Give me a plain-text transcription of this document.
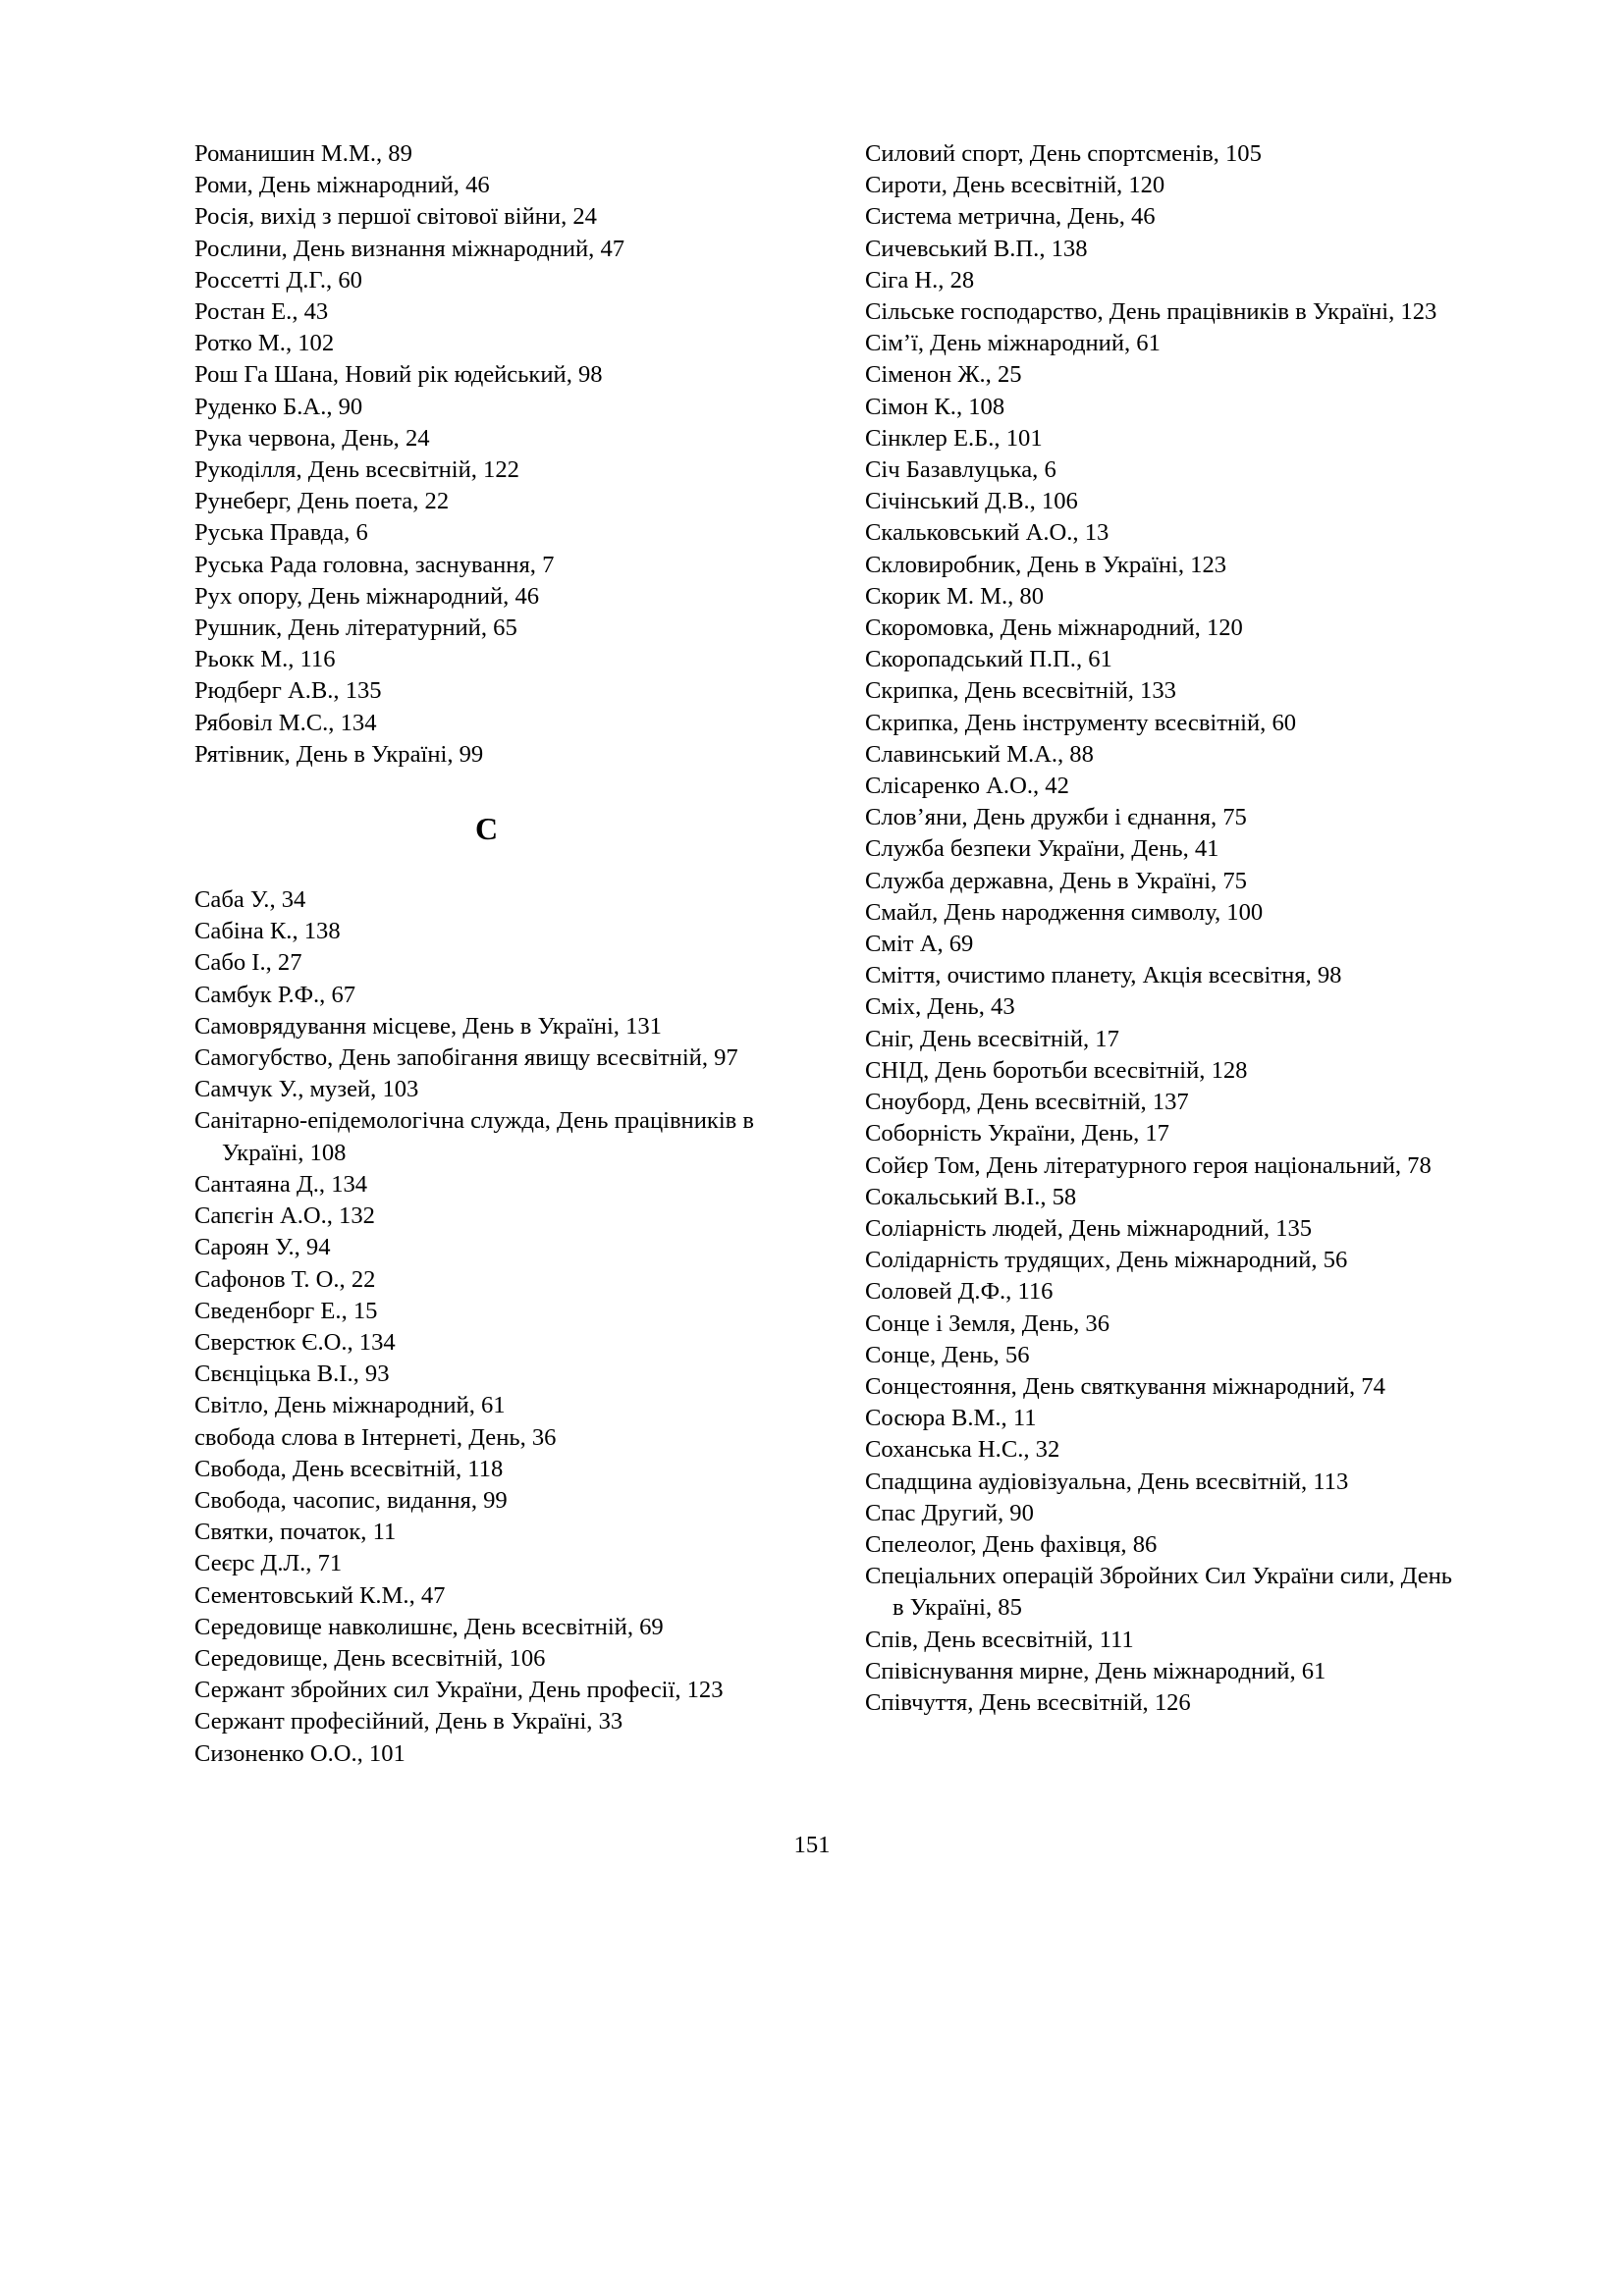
Романишин М.М., 89
Роми, День міжнародний, 46
Росія, вихід з першої світової війни, 24
Рослини, День визнання міжнародний, 47
Россетті Д.Г., 60
Ростан Е., 43
Ротко М., 102
Рош Га Шана, Новий рік юдейський, 98
Руденко Б.А., 90
Рука червона, День, 24
Рукоділля, День всесвітній, 122
Рунеберг, День поета, 22
Руська Правда, 6
Руська Рада головна, заснування, 7
Рух опору, День міжнародний, 46
Рушник, День літературний, 65
Рьокк М., 116
Рюдберг А.В., 135
Рябовіл М.С., 134
Рятівник, День в Україні, 99
С
Саба У., 34
Сабіна К., 138
Сабо І., 27
Самбук Р.Ф., 67
Самоврядування місцеве, День в Україні, 131
Самогубство, День запобігання явищу всесвітній, 97
Самчук У., музей, 103
Санітарно-епідемологічна служда, День працівників в Україні, 108
Сантаяна Д., 134
Сапєгін А.О., 132
Сароян У., 94
Сафонов Т. О., 22
Сведенборг Е., 15
Сверстюк Є.О., 134
Свєнціцька В.І., 93
Світло, День міжнародний, 61
свобода слова в Інтернеті, День, 36
Свобода, День всесвітній, 118
Свобода, часопис, видання, 99
Святки, початок, 11
Сеєрс Д.Л., 71
Сементовський К.М., 47
Середовище навколишнє, День всесвітній, 69
Середовище, День всесвітній, 106
Сержант збройних сил України, День професії, 123
Сержант професійний, День в Україні, 33
Сизоненко О.О., 101
Силовий спорт, День спортсменів, 105
Сироти, День всесвітній, 120
Система метрична, День, 46
Сичевський В.П., 138
Сіга Н., 28
Сільське господарство, День працівників в Україні, 123
Сім’ї, День міжнародний, 61
Сіменон Ж., 25
Сімон К., 108
Сінклер Е.Б., 101
Січ Базавлуцька, 6
Січінський Д.В., 106
Скальковський А.О., 13
Скловиробник, День в Україні, 123
Скорик М. М., 80
Скоромовка, День міжнародний, 120
Скоропадський П.П., 61
Скрипка, День всесвітній, 133
Скрипка, День інструменту всесвітній, 60
Славинський М.А., 88
Слісаренко А.О., 42
Слов’яни, День дружби і єднання, 75
Служба безпеки України, День, 41
Служба державна, День в Україні, 75
Смайл, День народження символу, 100
Сміт А, 69
Сміття, очистимо планету, Акція всесвітня, 98
Сміх, День, 43
Сніг, День всесвітній, 17
СНІД, День боротьби всесвітній, 128
Сноуборд, День всесвітній, 137
Соборність України, День, 17
Сойєр Том, День літературного героя національний, 78
Сокальський В.І., 58
Соліарність людей, День міжнародний, 135
Солідарність трудящих, День міжнародний, 56
Соловей Д.Ф., 116
Сонце і Земля, День, 36
Сонце, День, 56
Сонцестояння, День святкування міжнародний, 74
Сосюра В.М., 11
Соханська Н.С., 32
Спадщина аудіовізуальна, День всесвітній, 113
Спас Другий, 90
Спелеолог, День фахівця, 86
Спеціальних операцій Збройних Сил України сили, День в Україні, 85
Спів, День всесвітній, 111
Співіснування мирне, День міжнародний, 61
Співчуття, День всесвітній, 126
151
